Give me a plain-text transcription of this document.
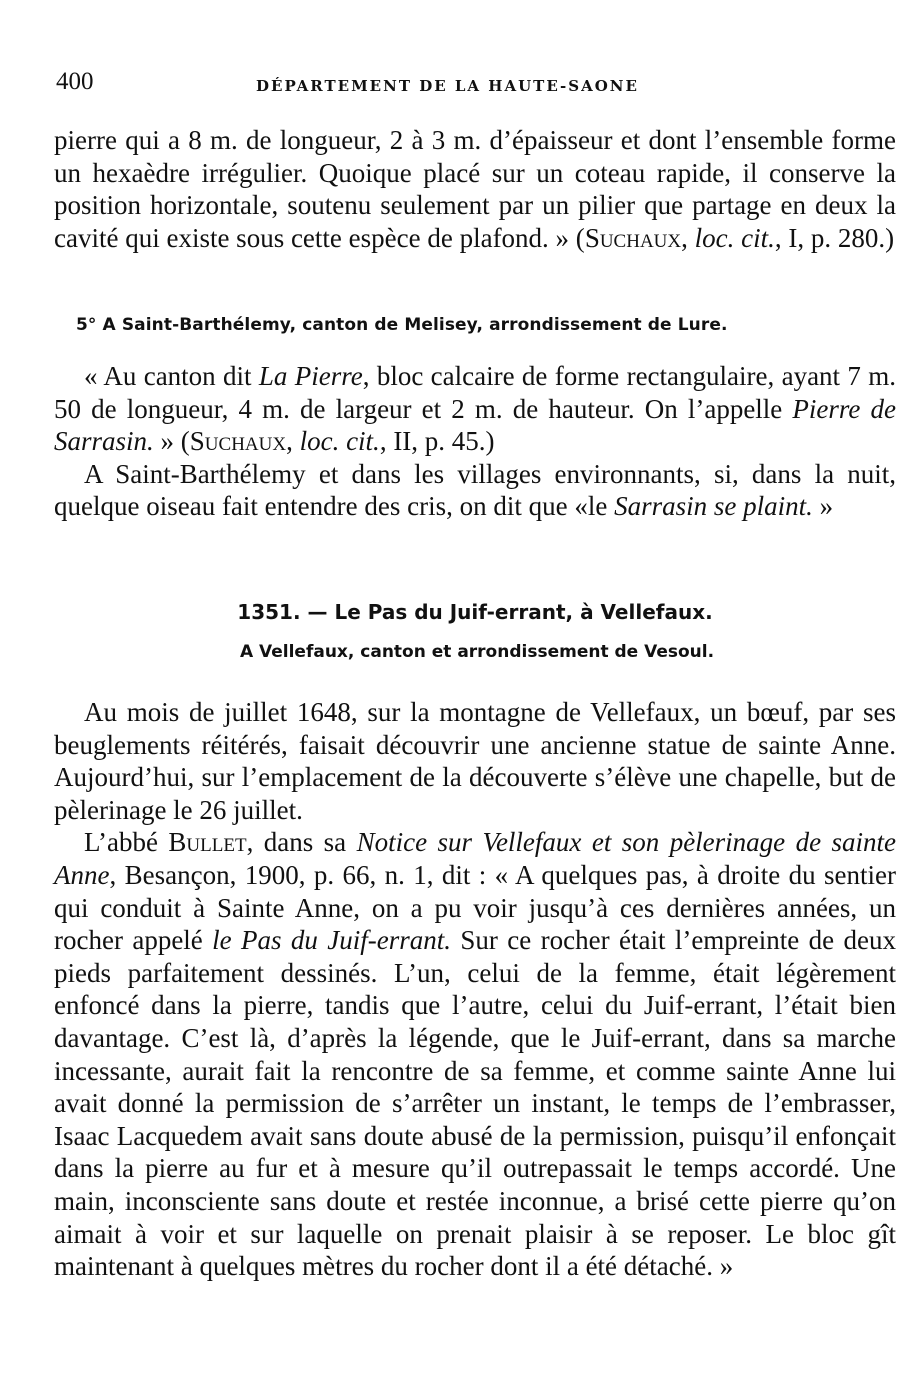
400	DÉPARTEMENT DE LA HAUTE-SAONE

pierre qui a 8 m. de longueur, 2 à 3 m. d’épaisseur et dont l’ensemble forme un hexaèdre irrégulier. Quoique placé sur un coteau rapide, il conserve la position horizontale, soutenu seulement par un pilier que partage en deux la cavité qui existe sous cette espèce de plafond. » (Suchaux, loc. cit., I, p. 280.)

5° A Saint-Barthélemy, canton de Melisey, arrondissement de Lure.

« Au canton dit La Pierre, bloc calcaire de forme rectangulaire, ayant 7 m. 50 de longueur, 4 m. de largeur et 2 m. de hauteur. On l’appelle Pierre de Sarrasin. » (Suchaux, loc. cit., II, p. 45.)

A Saint-Barthélemy et dans les villages environnants, si, dans la nuit, quelque oiseau fait entendre des cris, on dit que «le Sarrasin se plaint. »

1351. — Le Pas du Juif-errant, à Vellefaux.
A Vellefaux, canton et arrondissement de Vesoul.

Au mois de juillet 1648, sur la montagne de Vellefaux, un bœuf, par ses beuglements réitérés, faisait découvrir une ancienne statue de sainte Anne. Aujourd’hui, sur l’emplacement de la découverte s’élève une chapelle, but de pèlerinage le 26 juillet.

L’abbé Bullet, dans sa Notice sur Vellefaux et son pèlerinage de sainte Anne, Besançon, 1900, p. 66, n. 1, dit : « A quelques pas, à droite du sentier qui conduit à Sainte Anne, on a pu voir jusqu’à ces dernières années, un rocher appelé le Pas du Juif-errant. Sur ce rocher était l’empreinte de deux pieds parfaitement dessinés. L’un, celui de la femme, était légèrement enfoncé dans la pierre, tandis que l’autre, celui du Juif-errant, l’était bien davantage. C’est là, d’après la légende, que le Juif-errant, dans sa marche incessante, aurait fait la rencontre de sa femme, et comme sainte Anne lui avait donné la permission de s’arrêter un instant, le temps de l’embrasser, Isaac Lacquedem avait sans doute abusé de la permission, puisqu’il enfonçait dans la pierre au fur et à mesure qu’il outrepassait le temps accordé. Une main, inconsciente sans doute et restée inconnue, a brisé cette pierre qu’on aimait à voir et sur laquelle on prenait plaisir à se reposer. Le bloc gît maintenant à quelques mètres du rocher dont il a été détaché. »
